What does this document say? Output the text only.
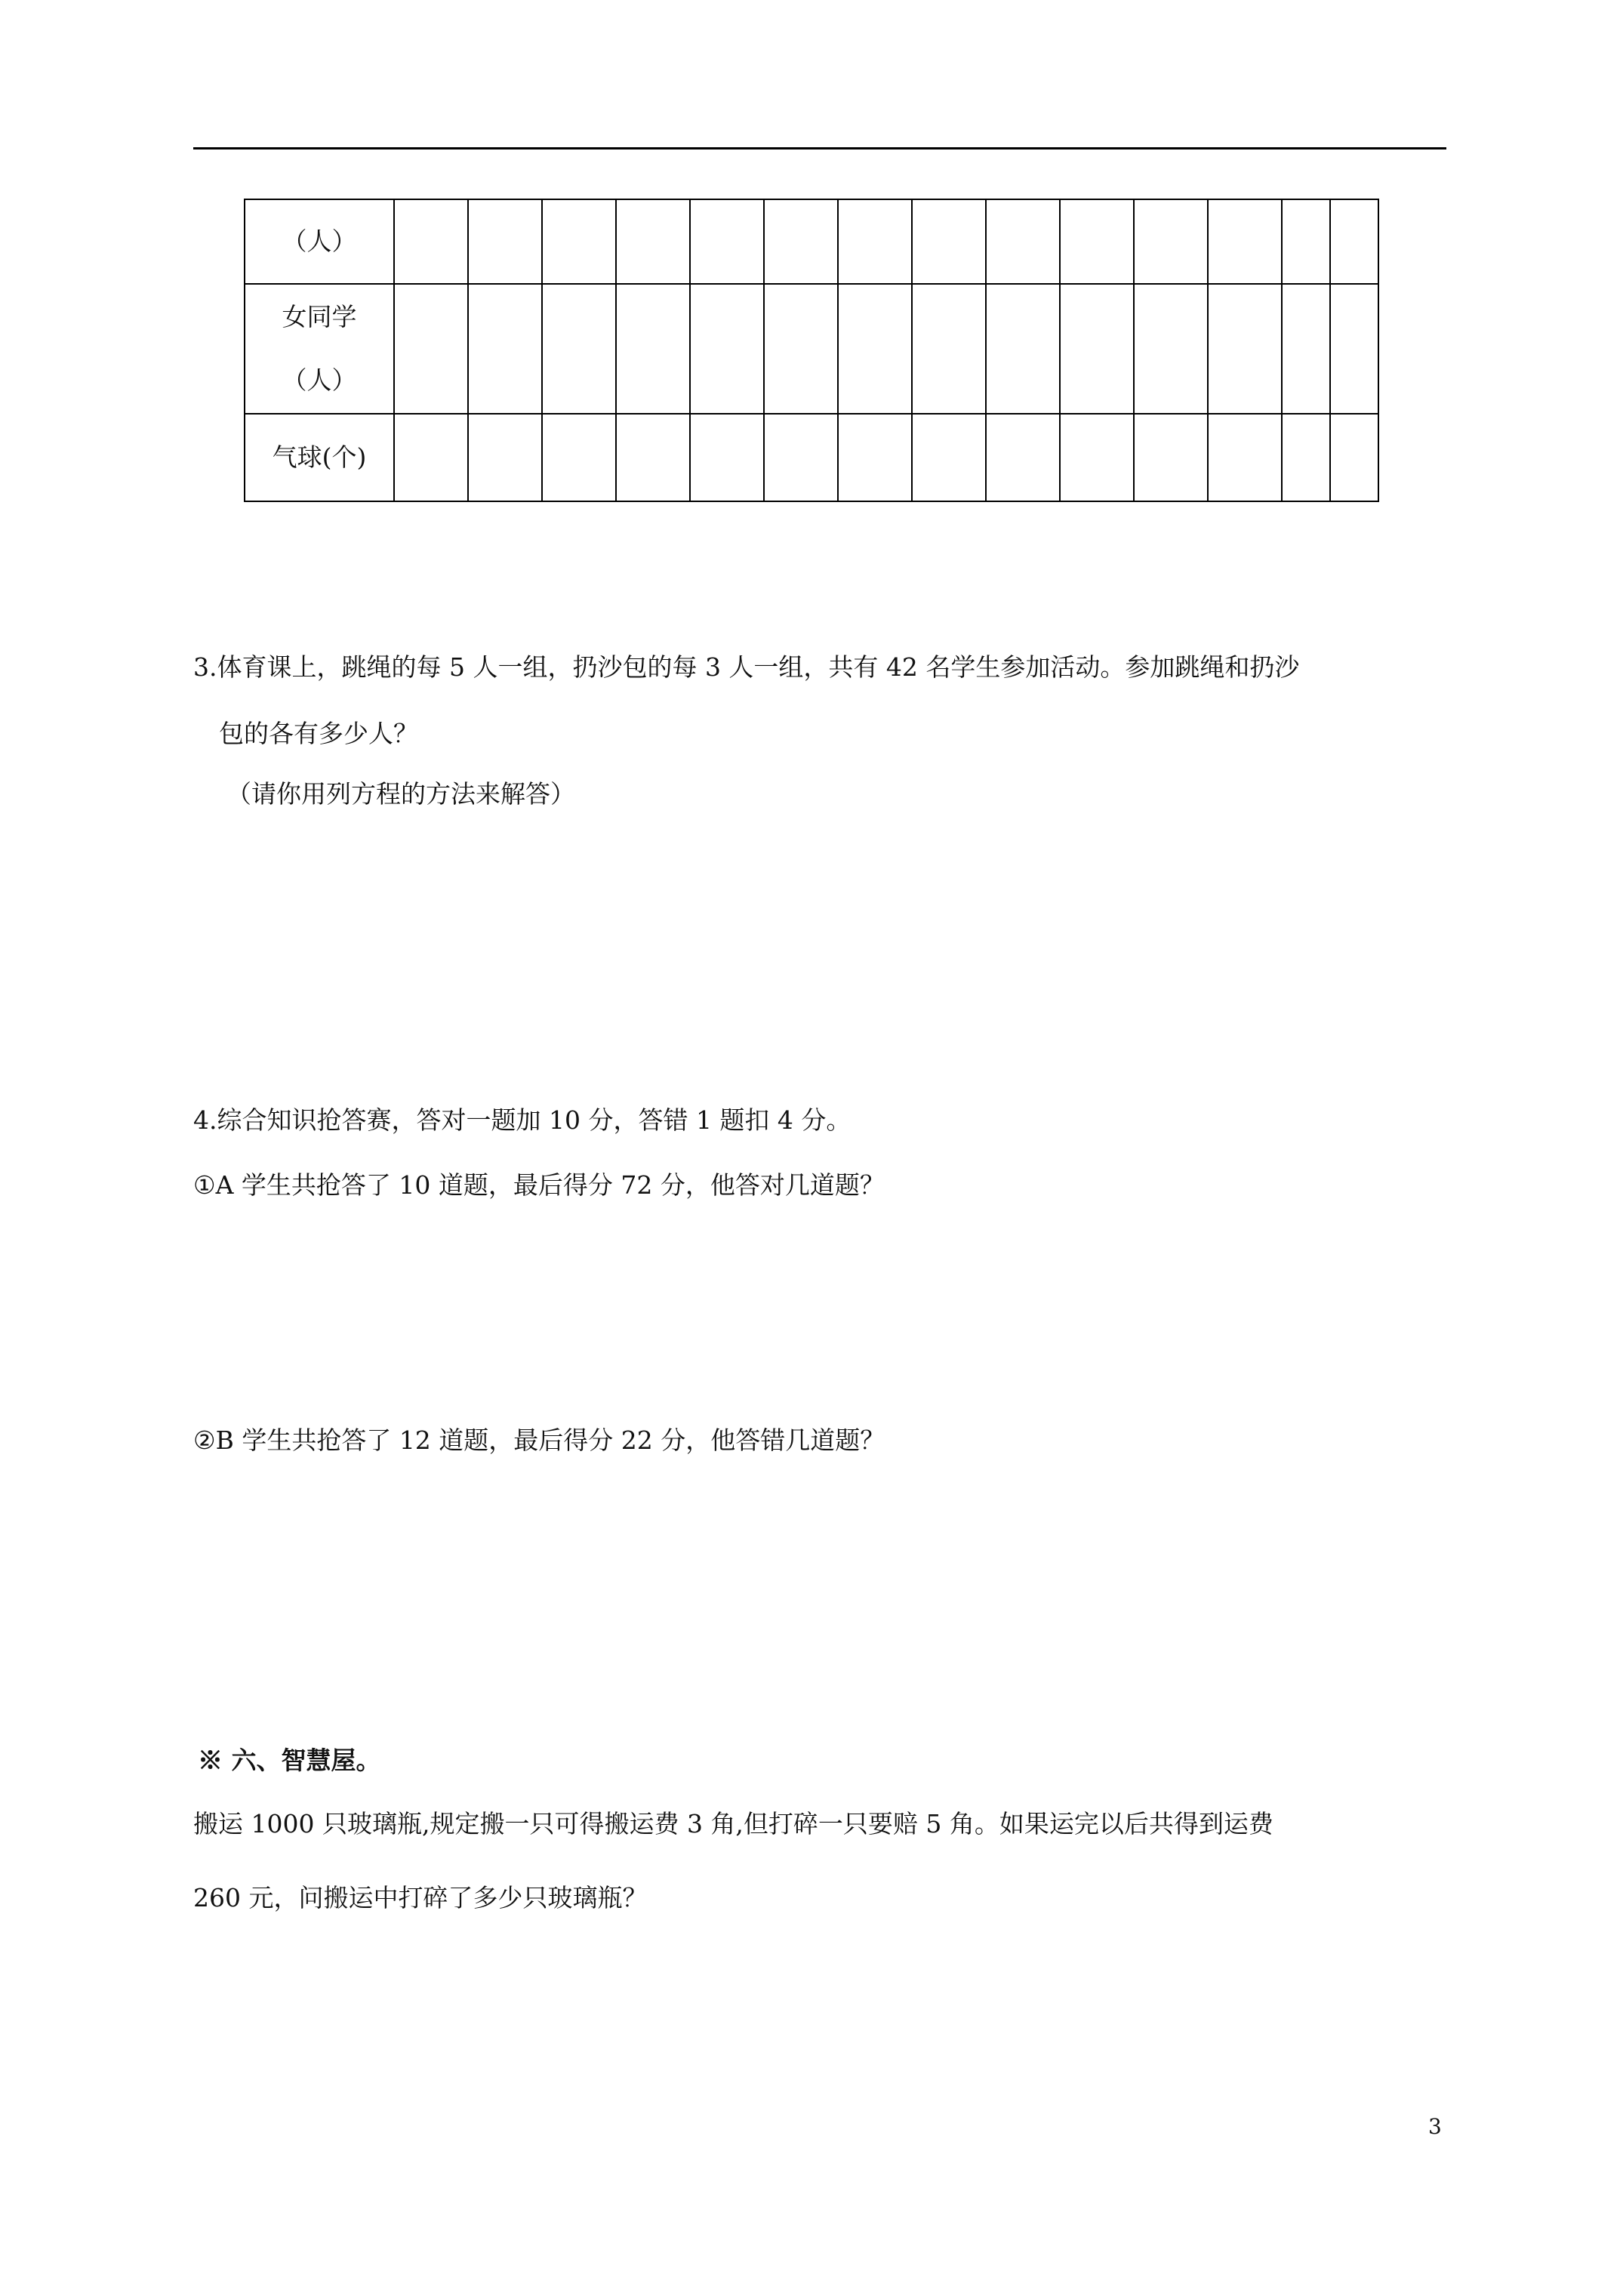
（人）														

女同学
（人）														

气球(个)														

3.体育课上，跳绳的每 5 人一组，扔沙包的每 3 人一组，共有 42 名学生参加活动。参加跳绳和扔沙
包的各有多少人？
（请你用列方程的方法来解答）
4.综合知识抢答赛，答对一题加 10 分，答错 1 题扣 4 分。
①A 学生共抢答了 10 道题，最后得分 72 分，他答对几道题？
②B 学生共抢答了 12 道题，最后得分 22 分，他答错几道题？
※ 六、智慧屋。
搬运 1000 只玻璃瓶,规定搬一只可得搬运费 3 角,但打碎一只要赔 5 角。如果运完以后共得到运费
260 元，问搬运中打碎了多少只玻璃瓶？
3
